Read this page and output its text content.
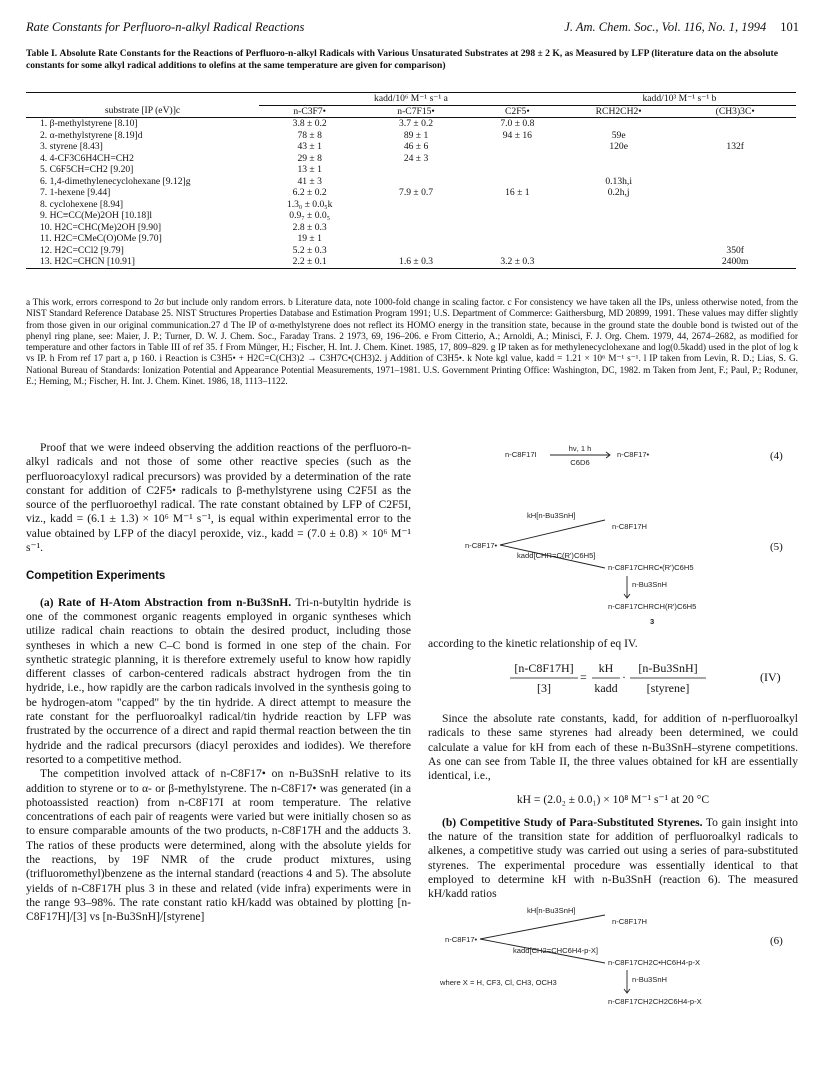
Rate Constants for Perfluoro-n-alkyl Radical Reactions	J. Am. Chem. Soc., Vol. 116, No. 1, 1994 101
Table I. Absolute Rate Constants for the Reactions of Perfluoro-n-alkyl Radicals with Various Unsaturated Substrates at 298 ± 2 K, as Measured by LFP (literature data on the absolute constants for some alkyl radical additions to olefins at the same temperature are given for comparison)
	kadd/10⁶ M⁻¹ s⁻¹ a			kadd/10³ M⁻¹ s⁻¹ b	
substrate [IP (eV)]c	n-C3F7•	n-C7F15•	C2F5•	RCH2CH2•	(CH3)3C•
1. β-methylstyrene [8.10]	3.8 ± 0.2	3.7 ± 0.2	7.0 ± 0.8		
2. α-methylstyrene [8.19]d	78 ± 8	89 ± 1	94 ± 16	59e	
3. styrene [8.43]	43 ± 1	46 ± 6		120e	132f
4. 4-CF3C6H4CH=CH2	29 ± 8	24 ± 3			
5. C6F5CH=CH2 [9.20]	13 ± 1				
6. 1,4-dimethylenecyclohexane [9.12]g	41 ± 3			0.13h,i	
7. 1-hexene [9.44]	6.2 ± 0.2	7.9 ± 0.7	16 ± 1	0.2h,j	
8. cyclohexene [8.94]	1.3₀ ± 0.0₅k				
9. HC≡CC(Me)2OH [10.18]l	0.9₇ ± 0.0₅				
10. H2C=CHC(Me)2OH [9.90]	2.8 ± 0.3				
11. H2C=CMeC(O)OMe [9.70]	19 ± 1				
12. H2C=CCl2 [9.79]	5.2 ± 0.3				350f
13. H2C=CHCN [10.91]	2.2 ± 0.1	1.6 ± 0.3	3.2 ± 0.3		2400m
a This work, errors correspond to 2σ but include only random errors. b Literature data, note 1000-fold change in scaling factor. c For consistency we have taken all the IPs, unless otherwise noted, from the NIST Standard Reference Database 25. NIST Structures Properties Database and Estimation Program 1991; U.S. Department of Commerce: Gaithersburg, MD 20899, 1991. These values may differ slightly from those given in our original communication.27 d The IP of α-methylstyrene does not reflect its HOMO energy in the transition state, because in the ground state the double bond is twisted out of the phenyl ring plane, see: Maier, J. P.; Turner, D. W. J. Chem. Soc., Faraday Trans. 2 1973, 69, 196–206. e From Citterio, A.; Arnoldi, A.; Minisci, F. J. Org. Chem. 1979, 44, 2674–2682, as modified for temperature and other factors in Table III of ref 35. f From Münger, H.; Fischer, H. Int. J. Chem. Kinet. 1985, 17, 809–829. g IP taken as for methylenecyclohexane and log(0.5kadd) used in the plot of log k vs IP. h From ref 17 part a, p 160. i Reaction is C3H5• + H2C=C(CH3)2 → C3H7C•(CH3)2. j Addition of C3H5•. k Note kgl value, kadd = 1.21 × 10⁶ M⁻¹ s⁻¹. l IP taken from Levin, R. D.; Lias, S. G. National Bureau of Standards: Ionization Potential and Appearance Potential Measurements, 1971–1981. U.S. Government Printing Office: Washington, DC, 1982. m Taken from Jent, F.; Paul, P.; Roduner, E.; Heming, M.; Fischer, H. Int. J. Chem. Kinet. 1986, 18, 1113–1122.

Proof that we were indeed observing the addition reactions of the perfluoro-n-alkyl radicals and not those of some other reactive species (such as the perfluoroacyloxyl radical precursors) was provided by a determination of the rate constant for addition of C2F5• radicals to β-methylstyrene using C2F5I as the source of the perfluoroethyl radical. The rate constant obtained by LFP of C2F5I, viz., kadd = (6.1 ± 1.3) × 10⁶ M⁻¹ s⁻¹, is equal within experimental error to the value obtained by LFP of the diacyl peroxide, viz., kadd = (7.0 ± 0.8) × 10⁶ M⁻¹ s⁻¹.

Competition Experiments

(a) Rate of H-Atom Abstraction from n-Bu3SnH. Tri-n-butyltin hydride is one of the commonest organic reagents employed in organic syntheses which utilize radical chain reactions to obtain the desired product, including those syntheses in which a new C–C bond is formed in one step of the chain. For synthetic strategic planning, it is therefore extremely useful to know how rapidly different classes of carbon-centered radicals abstract hydrogen from the tin hydride, i.e., how rapidly are the carbon radicals involved in the synthesis going to be hydrogen-atom "capped" by the tin hydride. A direct attempt to measure the rate constant for the perfluoroalkyl radical/tin hydride reaction by LFP was frustrated by the occurrence of a direct and rapid thermal reaction between the tin hydride and the radical precursors (diacyl peroxides and iodides). We therefore resorted to a competitive method.

The competition involved attack of n-C8F17• on n-Bu3SnH relative to its addition to styrene or to α- or β-methylstyrene. The n-C8F17• was generated (in a photoassisted reaction) from n-C8F17I at room temperature. The relative concentrations of each pair of reagents were varied but were initially chosen so as to ensure comparable amounts of the two products, n-C8F17H and the adducts 3. The ratios of these products were determined, along with the absolute yields for the reactions, by 19F NMR of the crude product mixtures, using (trifluoromethyl)benzene as the internal standard (reactions 4 and 5). The absolute yields of n-C8F17H plus 3 in these and related (vide infra) experiments were in the range 93–98%. The rate constant ratio kH/kadd was obtained by plotting [n-C8F17H]/[3] vs [n-Bu3SnH]/[styrene]

n-C8F17I
hν, 1 h
C6D6
n-C8F17•	(4)
n-C8F17•
kH[n-Bu3SnH]
n-C8F17H
kadd[CHR=C(R')C6H5]
n-C8F17CHRC•(R')C6H5
n-Bu3SnH
n-C8F17CHRCH(R')C6H5
3
(5)
according to the kinetic relationship of eq IV.
[n-C8F17H]
[3]
=
kH
kadd
·
[n-Bu3SnH]
[styrene]
(IV)

Since the absolute rate constants, kadd, for addition of n-perfluoroalkyl radicals to these same styrenes had already been determined, we could calculate a value for kH from each of these n-Bu3SnH–styrene competitions. As one can see from Table II, the three values obtained for kH are essentially identical, i.e.,

kH = (2.0₂ ± 0.0₁) × 10⁸ M⁻¹ s⁻¹ at 20 °C

(b) Competitive Study of Para-Substituted Styrenes. To gain insight into the nature of the transition state for addition of perfluoroalkyl radicals to alkenes, a competitive study was carried out using a series of para-substituted styrenes. The experimental procedure was essentially identical to that employed to determine kH with n-Bu3SnH (reaction 6). The measured kH/kadd ratios

n-C8F17•
kH[n-Bu3SnH]
n-C8F17H
kadd[CH2=CHC6H4-p-X]
n-C8F17CH2C•HC6H4-p-X
where X = H, CF3, Cl, CH3, OCH3	n-Bu3SnH
n-C8F17CH2CH2C6H4-p-X
(6)
